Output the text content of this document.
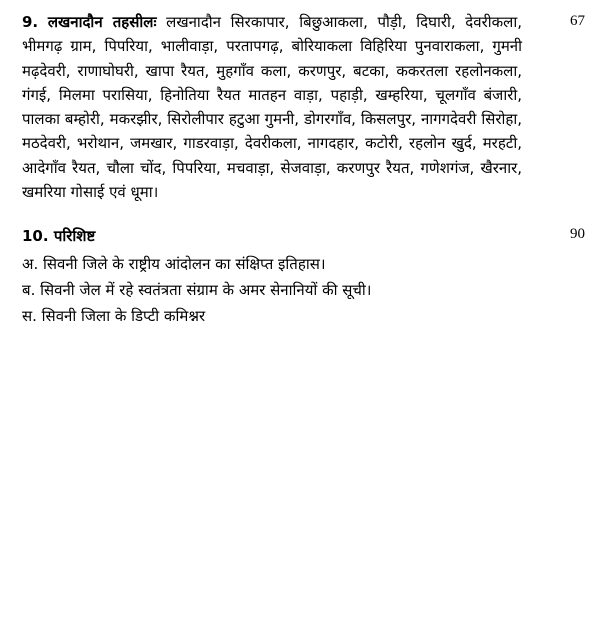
9. लखनादौन तहसीलः लखनादौन सिरकापार, बिछुआकला, पौड़ी, दिघारी, देवरीकला, भीमगढ़ ग्राम, पिपरिया, भालीवाड़ा, परतापगढ़, बोरियाकला विहिरिया पुनवाराकला, गुमनी मढ़देवरी, राणाघोघरी, खापा रैयत, मुहगाँव कला, करणपुर, बटका, ककरतला रहलोनकला, गंगई, मिलमा परासिया, हिनोतिया रैयत मातहन वाड़ा, पहाड़ी, खम्हरिया, चूलगाँव बंजारी, पालका बम्होरी, मकरझीर, सिरोलीपार हटुआ गुमनी, डोगरगाँव, किसलपुर, नागगदेवरी सिरोहा, मठदेवरी, भरोथान, जमखार, गाडरवाड़ा, देवरीकला, नागदहार, कटोरी, रहलोन खुर्द, मरहटी, आदेगाँव रैयत, चौला चोंद, पिपरिया, मचवाड़ा, सेजवाड़ा, करणपुर रैयत, गणेशगंज, खैरनार, खमरिया गोसाई एवं धूमा।

67
10. परिशिष्ट	90

अ. सिवनी जिले के राष्ट्रीय आंदोलन का संक्षिप्त इतिहास।

ब. सिवनी जेल में रहे स्वतंत्रता संग्राम के अमर सेनानियों की सूची।

स. सिवनी जिला के डिप्टी कमिश्नर
